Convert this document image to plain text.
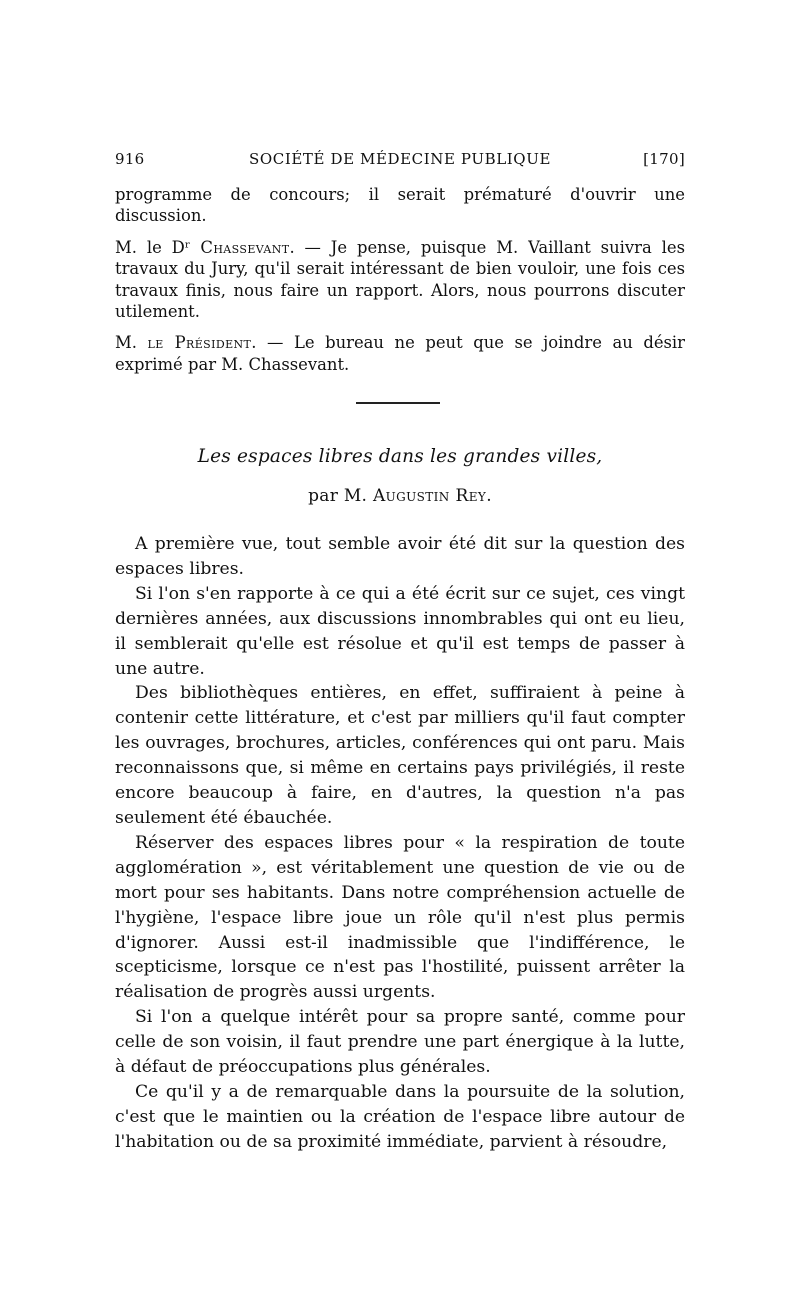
916	SOCIÉTÉ DE MÉDECINE PUBLIQUE	[170]

programme de concours; il serait prématuré d'ouvrir une discussion.

M. le Dʳ Chassevant. — Je pense, puisque M. Vaillant suivra les travaux du Jury, qu'il serait intéressant de bien vouloir, une fois ces travaux finis, nous faire un rapport. Alors, nous pourrons discuter utilement.

M. le Président. — Le bureau ne peut que se joindre au désir exprimé par M. Chassevant.

Les espaces libres dans les grandes villes,
par M. Augustin Rey.

A première vue, tout semble avoir été dit sur la question des espaces libres.

Si l'on s'en rapporte à ce qui a été écrit sur ce sujet, ces vingt dernières années, aux discussions innombrables qui ont eu lieu, il semblerait qu'elle est résolue et qu'il est temps de passer à une autre.

Des bibliothèques entières, en effet, suffiraient à peine à contenir cette littérature, et c'est par milliers qu'il faut compter les ouvrages, brochures, articles, conférences qui ont paru. Mais reconnaissons que, si même en certains pays privilégiés, il reste encore beaucoup à faire, en d'autres, la question n'a pas seulement été ébauchée.

Réserver des espaces libres pour « la respiration de toute agglomération », est véritablement une question de vie ou de mort pour ses habitants. Dans notre compréhension actuelle de l'hygiène, l'espace libre joue un rôle qu'il n'est plus permis d'ignorer. Aussi est-il inadmissible que l'indifférence, le scepticisme, lorsque ce n'est pas l'hostilité, puissent arrêter la réalisation de progrès aussi urgents.

Si l'on a quelque intérêt pour sa propre santé, comme pour celle de son voisin, il faut prendre une part énergique à la lutte, à défaut de préoccupations plus générales.

Ce qu'il y a de remarquable dans la poursuite de la solution, c'est que le maintien ou la création de l'espace libre autour de l'habitation ou de sa proximité immédiate, parvient à résoudre,
